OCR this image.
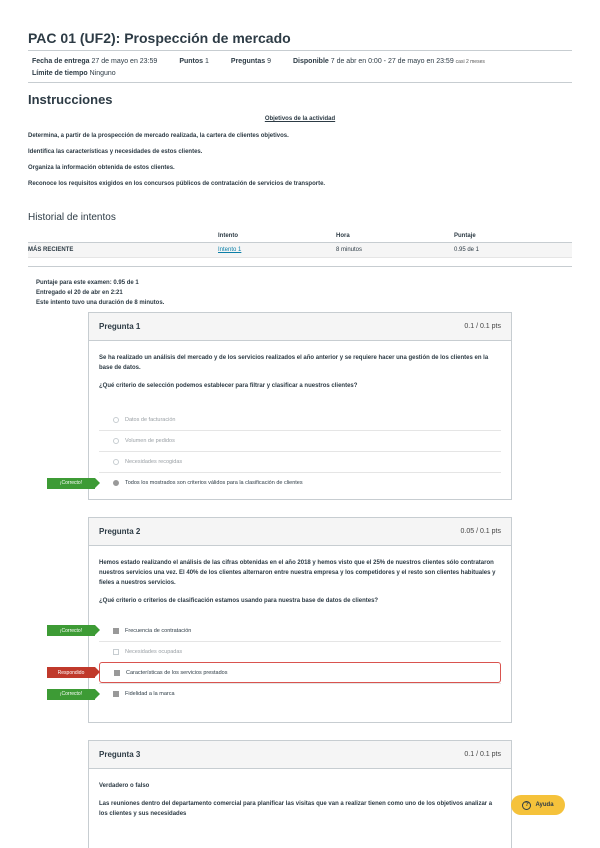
PAC 01 (UF2): Prospección de mercado
Fecha de entrega 27 de mayo en 23:59	Puntos 1	Preguntas 9	Disponible 7 de abr en 0:00 - 27 de mayo en 23:59 casi 2 meses
Límite de tiempo Ninguno
Instrucciones
Objetivos de la actividad
Determina, a partir de la prospección de mercado realizada, la cartera de clientes objetivos.
Identifica las características y necesidades de estos clientes.
Organiza la información obtenida de estos clientes.
Reconoce los requisitos exigidos en los concursos públicos de contratación de servicios de transporte.
Historial de intentos
	Intento	Hora	Puntaje
MÁS RECIENTE	Intento 1	8 minutos	0.95 de 1
Puntaje para este examen: 0.95 de 1
Entregado el 20 de abr en 2:21
Este intento tuvo una duración de 8 minutos.
Pregunta 1	0.1 / 0.1 pts

Se ha realizado un análisis del mercado y de los servicios realizados el año anterior y se requiere hacer una gestión de los clientes en la base de datos.

¿Qué criterio de selección podemos establecer para filtrar y clasificar a nuestros clientes?

Datos de facturación
Volumen de pedidos
Necesidades recogidas
¡Correcto!	Todos los mostrados son criterios válidos para la clasificación de clientes
Pregunta 2	0.05 / 0.1 pts

Hemos estado realizando el análisis de las cifras obtenidas en el año 2018 y hemos visto que el 25% de nuestros clientes sólo contrataron nuestros servicios una vez. El 40% de los clientes alternaron entre nuestra empresa y los competidores y el resto son clientes habituales y fieles a nuestros servicios.

¿Qué criterio o criterios de clasificación estamos usando para nuestra base de datos de clientes?

¡Correcto!	Frecuencia de contratación
Necesidades ocupadas
Respondido	Características de los servicios prestados
¡Correcto!	Fidelidad a la marca
Pregunta 3	0.1 / 0.1 pts

Verdadero o falso

Las reuniones dentro del departamento comercial para planificar las visitas que van a realizar tienen como uno de los objetivos analizar a los clientes y sus necesidades

?	Ayuda
